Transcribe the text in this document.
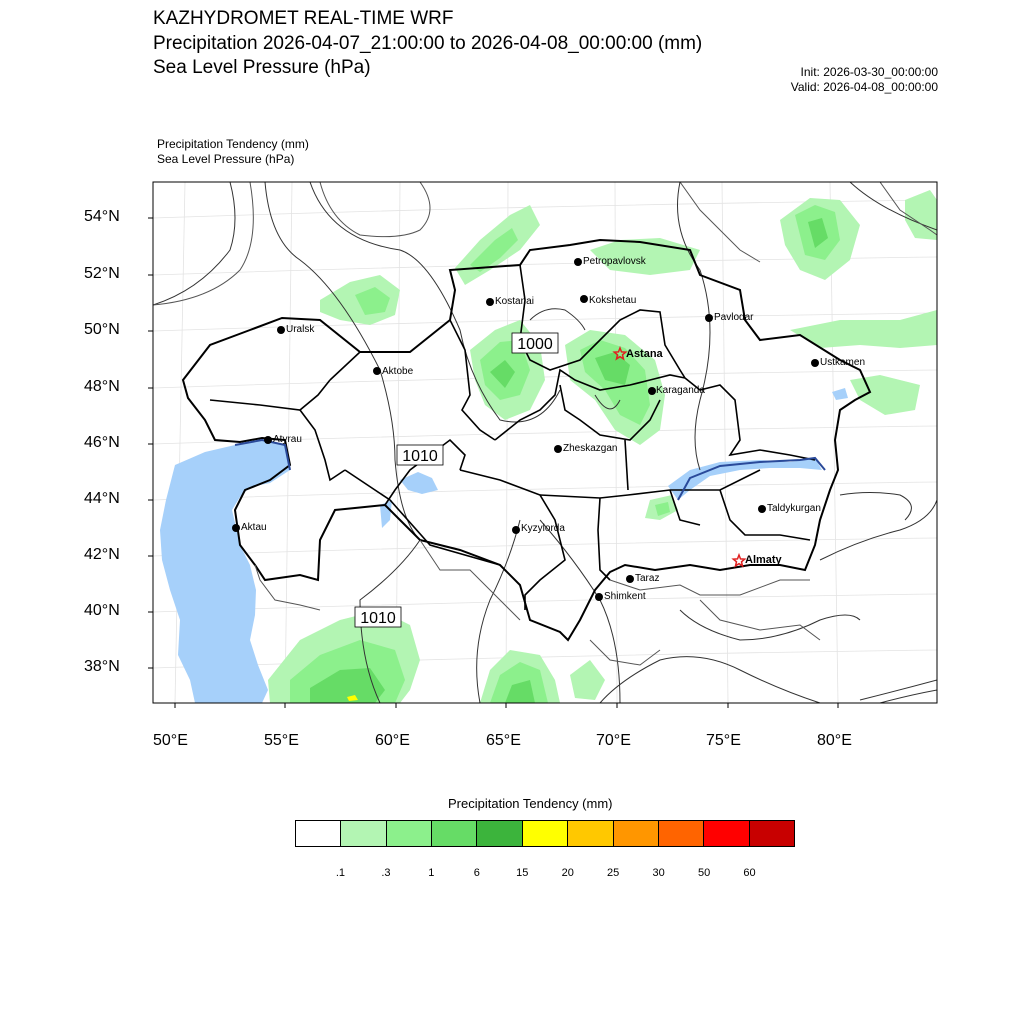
KAZHYDROMET REAL-TIME WRF
Precipitation 2026-04-07_21:00:00 to 2026-04-08_00:00:00 (mm)
Sea Level Pressure (hPa)	Init: 2026-03-30_00:00:00
Valid: 2026-04-08_00:00:00
Precipitation Tendency (mm)
Sea Level Pressure (hPa)
1000
1010
1010
54°N
52°N
50°N
48°N
46°N
44°N
42°N
40°N
38°N
50°E	55°E	60°E	65°E	70°E	75°E	80°E
Petropavlovsk
Kostanai	Kokshetau
Pavlodar
Uralsk
Astana
Ustkamen
Aktobe
Karaganda
Atyrau
Zheskazgan
Aktau	Kyzylorda
Taldykurgan
Almaty
Taraz
Shimkent
Precipitation Tendency (mm)
.1	.3	1	6	15	20	25	30	50	60
